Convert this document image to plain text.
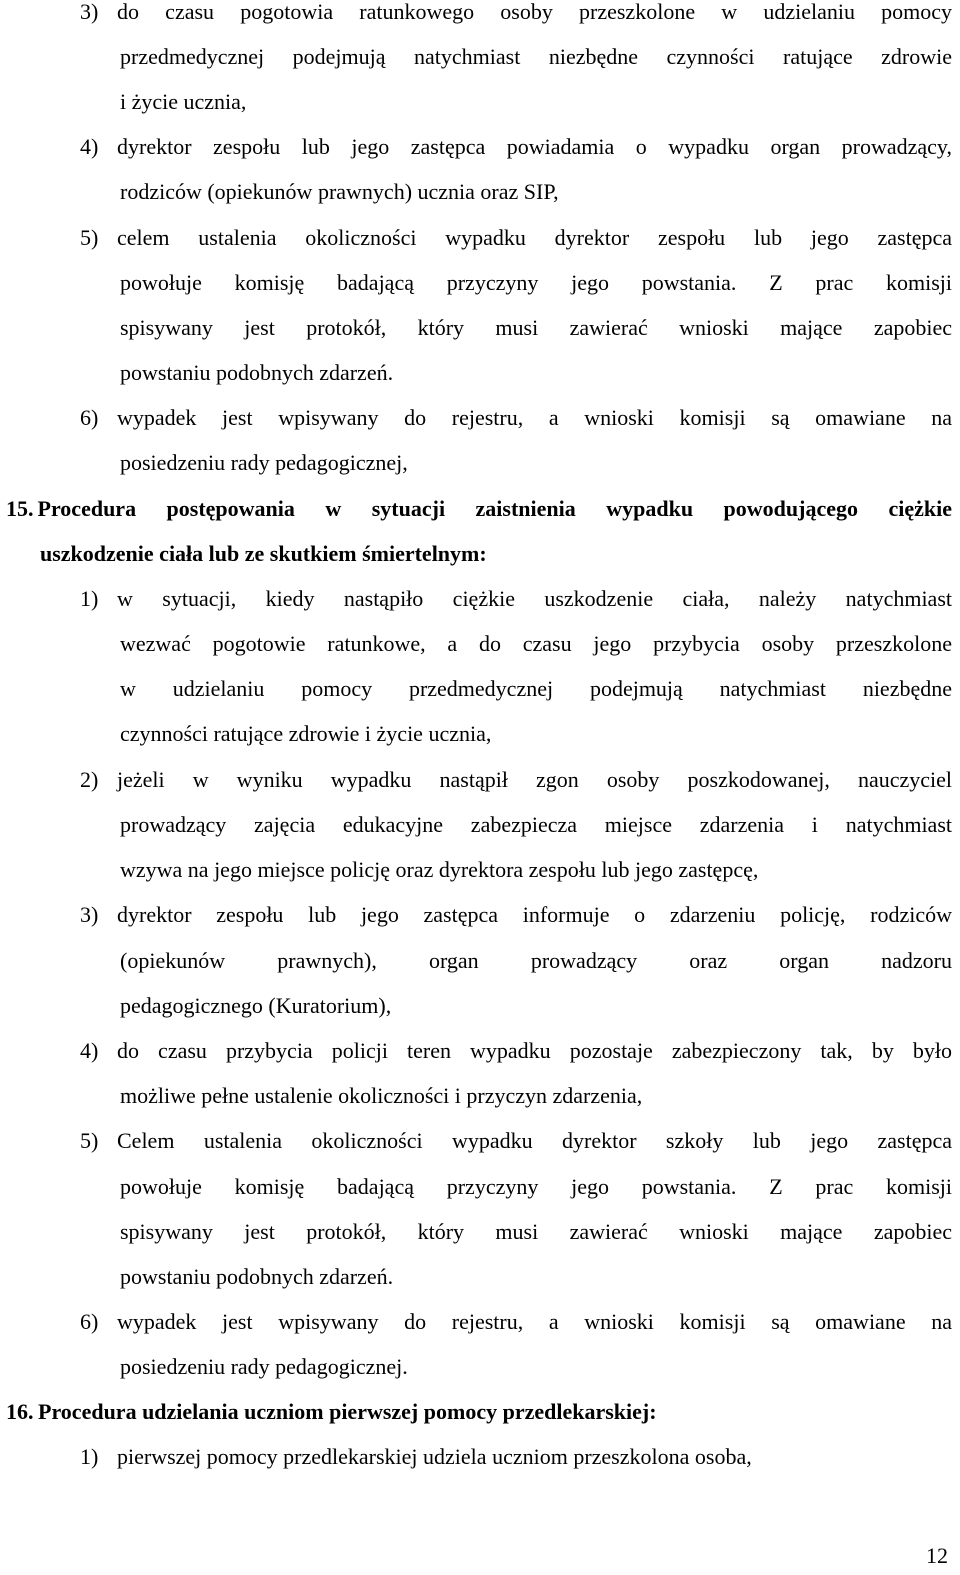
3) do czasu pogotowia ratunkowego osoby przeszkolone w udzielaniu pomocy
przedmedycznej podejmują natychmiast niezbędne czynności ratujące zdrowie
i życie ucznia,
4) dyrektor zespołu lub jego zastępca powiadamia o wypadku organ prowadzący,
rodziców (opiekunów prawnych) ucznia oraz SIP,
5) celem ustalenia okoliczności wypadku dyrektor zespołu lub jego zastępca
powołuje komisję badającą przyczyny jego powstania. Z prac komisji
spisywany jest protokół, który musi zawierać wnioski mające zapobiec
powstaniu podobnych zdarzeń.
6) wypadek jest wpisywany do rejestru, a wnioski komisji są omawiane na
posiedzeniu rady pedagogicznej,
15. Procedura postępowania w sytuacji zaistnienia wypadku powodującego ciężkie
uszkodzenie ciała lub ze skutkiem śmiertelnym:
1) w sytuacji, kiedy nastąpiło ciężkie uszkodzenie ciała, należy natychmiast
wezwać pogotowie ratunkowe, a do czasu jego przybycia osoby przeszkolone
w udzielaniu pomocy przedmedycznej podejmują natychmiast niezbędne
czynności ratujące zdrowie i życie ucznia,
2) jeżeli w wyniku wypadku nastąpił zgon osoby poszkodowanej, nauczyciel
prowadzący zajęcia edukacyjne zabezpiecza miejsce zdarzenia i natychmiast
wzywa na jego miejsce policję oraz dyrektora zespołu lub jego zastępcę,
3) dyrektor zespołu lub jego zastępca informuje o zdarzeniu policję, rodziców
(opiekunów prawnych), organ prowadzący oraz organ nadzoru
pedagogicznego (Kuratorium),
4) do czasu przybycia policji teren wypadku pozostaje zabezpieczony tak, by było
możliwe pełne ustalenie okoliczności i przyczyn zdarzenia,
5) Celem ustalenia okoliczności wypadku dyrektor szkoły lub jego zastępca
powołuje komisję badającą przyczyny jego powstania. Z prac komisji
spisywany jest protokół, który musi zawierać wnioski mające zapobiec
powstaniu podobnych zdarzeń.
6) wypadek jest wpisywany do rejestru, a wnioski komisji są omawiane na
posiedzeniu rady pedagogicznej.
16. Procedura udzielania uczniom pierwszej pomocy przedlekarskiej:
1) pierwszej pomocy przedlekarskiej udziela uczniom przeszkolona osoba,
12
